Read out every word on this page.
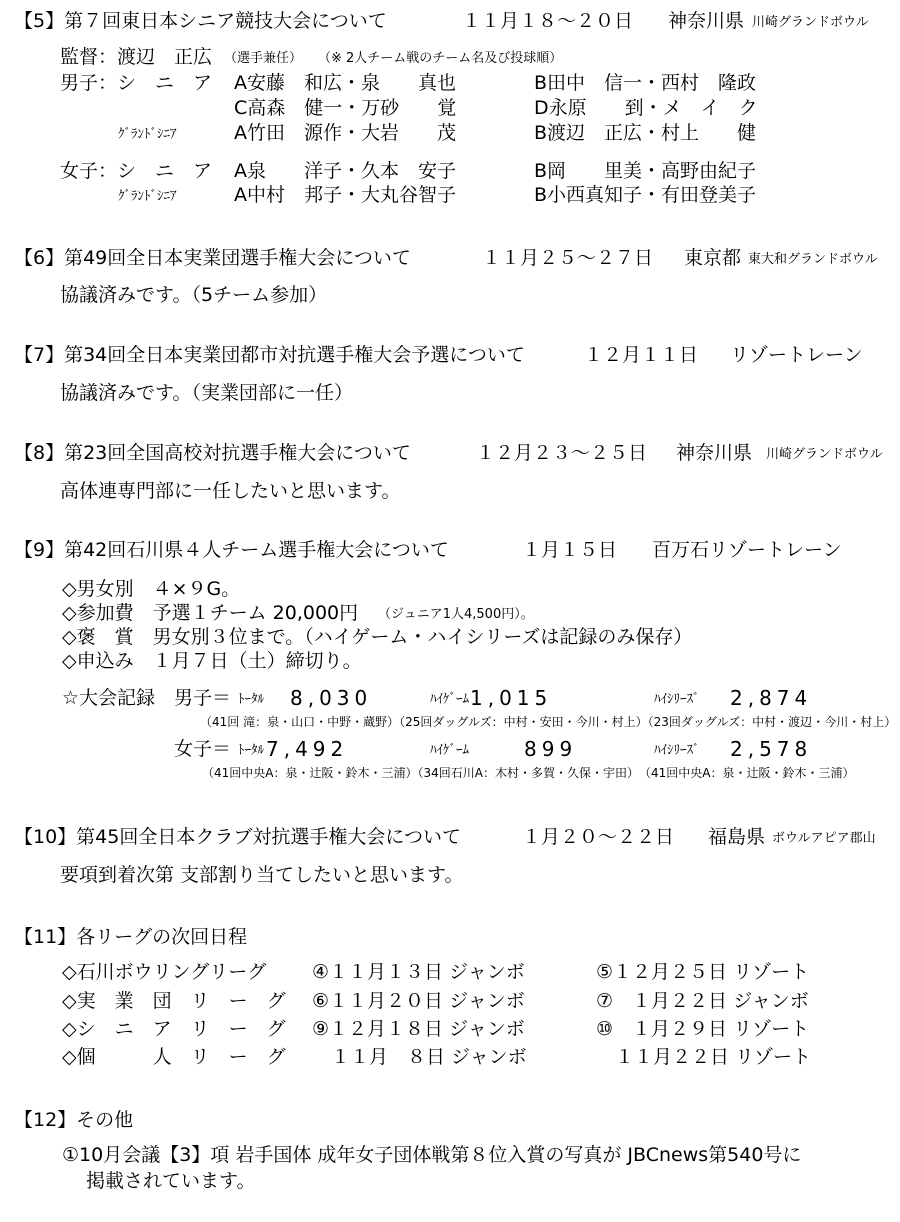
【5】第７回東日本シニア競技大会について	１１月１８～２０日 神奈川県 川崎グランドボウル
監督：渡辺　正広 （選手兼任） （※ 2人チーム戦のチーム名及び投球順）
男子：シ　ニ　ア A安藤　和広・泉　　真也	B田中　信一・西村　隆政
C高森　健一・万砂　　覚	D永原　　到・メ　イ　ク
ｸﾞﾗﾝﾄﾞｼﾆｱ	A竹田　源作・大岩　　茂	B渡辺　正広・村上　　健
女子：シ　ニ　ア A泉　　洋子・久本　安子	B岡　　里美・高野由紀子
ｸﾞﾗﾝﾄﾞｼﾆｱ	A中村　邦子・大丸谷智子	B小西真知子・有田登美子
【6】第49回全日本実業団選手権大会について	１１月２５～２７日 東京都 東大和グランドボウル
協議済みです。（5チーム参加）
【7】第34回全日本実業団都市対抗選手権大会予選について	１２月１１日 リゾートレーン
協議済みです。（実業団部に一任）
【8】第23回全国高校対抗選手権大会について	１２月２３～２５日 神奈川県 川崎グランドボウル
高体連専門部に一任したいと思います。
【9】第42回石川県４人チーム選手権大会について	１月１５日 百万石リゾートレーン
◇男女別　４×９G。
◇参加費　予選１チーム 20,000円 （ジュニア1人4,500円）。
◇褒　賞　男女別３位まで。（ハイゲーム・ハイシリーズは記録のみ保存）
◇申込み　１月７日（土）締切り。
☆大会記録 男子＝ ﾄｰﾀﾙ 8,030	ﾊｲｹﾞｰﾑ 1,015	ﾊｲｼﾘｰｽﾞ 2,874
（41回 滝：泉・山口・中野・蔵野）（25回ダッグルズ：中村・安田・今川・村上）（23回ダッグルズ：中村・渡辺・今川・村上）
女子＝ ﾄｰﾀﾙ 7,492	ﾊｲｹﾞｰﾑ	899	ﾊｲｼﾘｰｽﾞ 2,578
（41回中央A：泉・辻阪・鈴木・三浦）（34回石川A：木村・多賀・久保・宇田）　（41回中央A：泉・辻阪・鈴木・三浦）
【10】第45回全日本クラブ対抗選手権大会について	１月２０～２２日 福島県 ボウルアピア郡山
要項到着次第 支部割り当てしたいと思います。
【11】各リーグの次回日程
◇石川ボウリングリーグ ④１１月１３日 ジャンボ	⑤１２月２５日 リゾート
◇実　業　団　リ　ー　グ ⑥１１月２０日 ジャンボ	⑦　１月２２日 ジャンボ
◇シ　ニ　ア　リ　ー　グ ⑨１２月１８日 ジャンボ	⑩　１月２９日 リゾート
◇個　　　人　リ　ー　グ 　１１月　８日 ジャンボ	　１１月２２日 リゾート
【12】その他
①10月会議【3】項 岩手国体 成年女子団体戦第８位入賞の写真が JBCnews第540号に
掲載されています。
